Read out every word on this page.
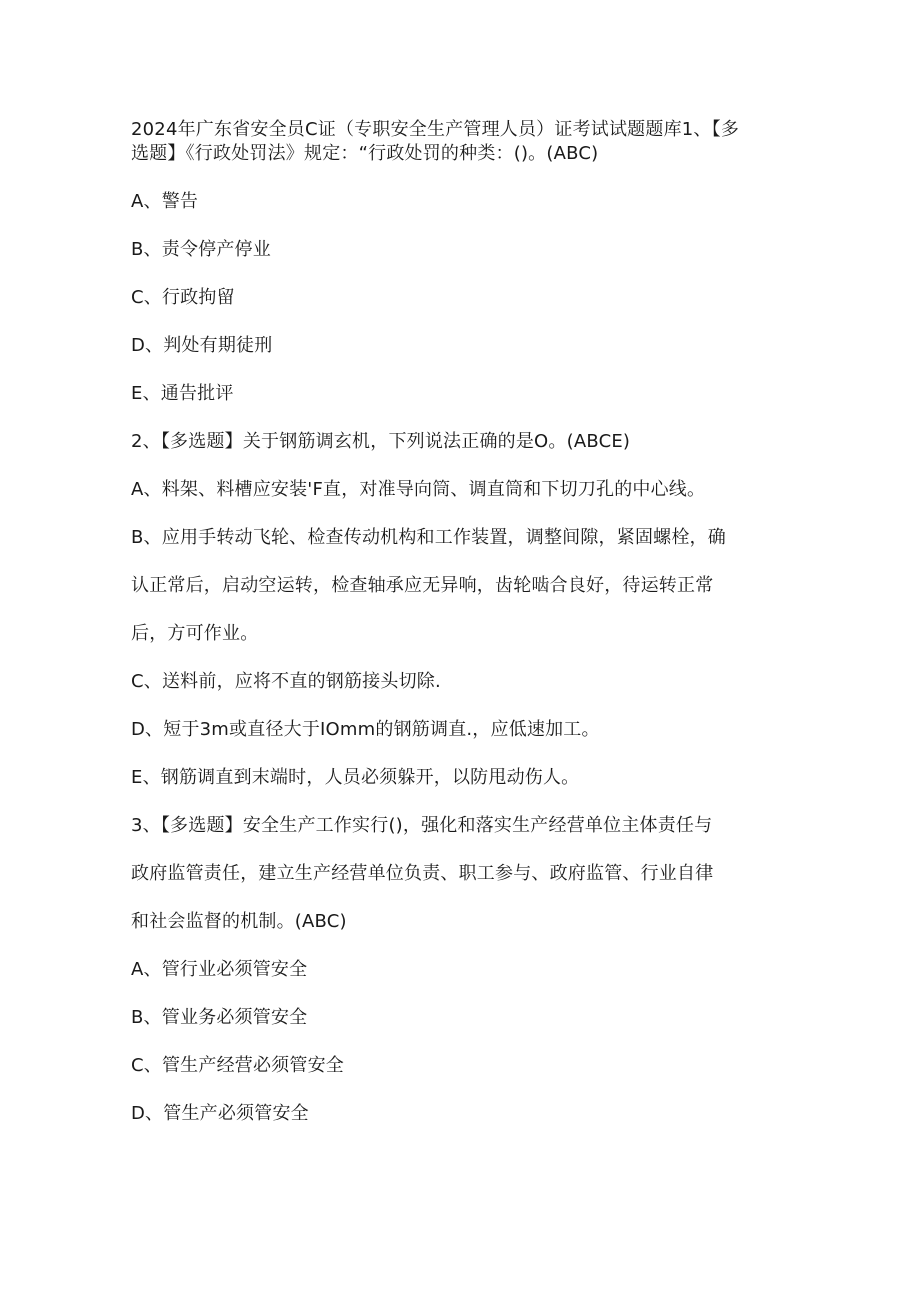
2024年广东省安全员C证（专职安全生产管理人员）证考试试题题库1、【多

选题】《行政处罚法》规定：“行政处罚的种类：()。(ABC)

A、警告

B、责令停产停业

C、行政拘留

D、判处有期徒刑

E、通告批评

2、【多选题】关于钢筋调玄机，下列说法正确的是O。(ABCE)

A、料架、料槽应安装'F直，对准导向筒、调直筒和下切刀孔的中心线。

B、应用手转动飞轮、检查传动机构和工作装置，调整间隙，紧固螺栓，确

认正常后，启动空运转，检查轴承应无异响，齿轮啮合良好，待运转正常

后，方可作业。

C、送料前，应将不直的钢筋接头切除.

D、短于3m或直径大于IOmm的钢筋调直.，应低速加工。

E、钢筋调直到末端时，人员必须躲开，以防甩动伤人。

3、【多选题】安全生产工作实行()，强化和落实生产经营单位主体责任与

政府监管责任，建立生产经营单位负责、职工参与、政府监管、行业自律

和社会监督的机制。(ABC)

A、管行业必须管安全

B、管业务必须管安全

C、管生产经营必须管安全

D、管生产必须管安全
